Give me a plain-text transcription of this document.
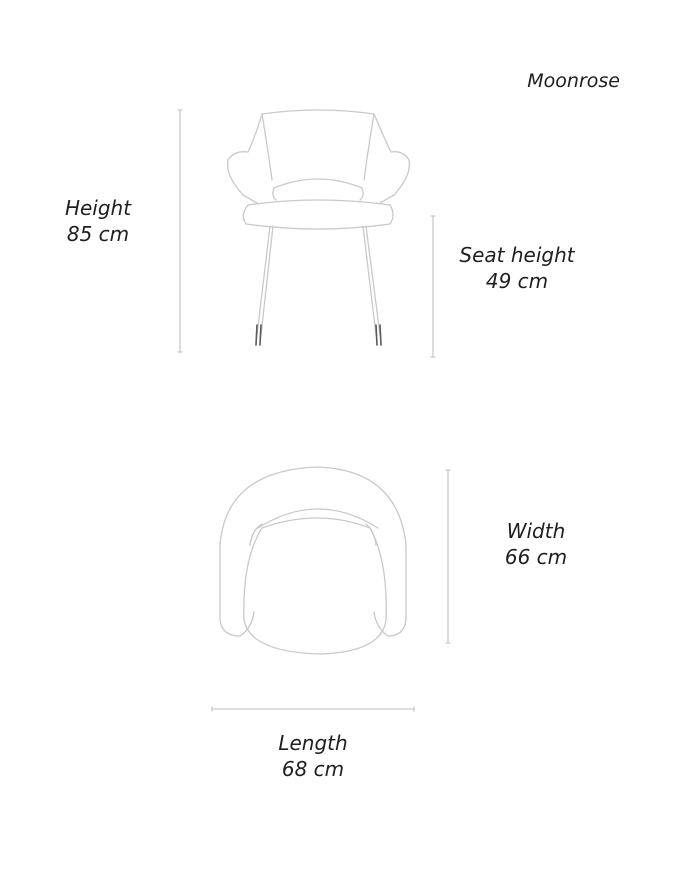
Moonrose
Height
85 cm
Seat height
49 cm
Width
66 cm
Length
68 cm
